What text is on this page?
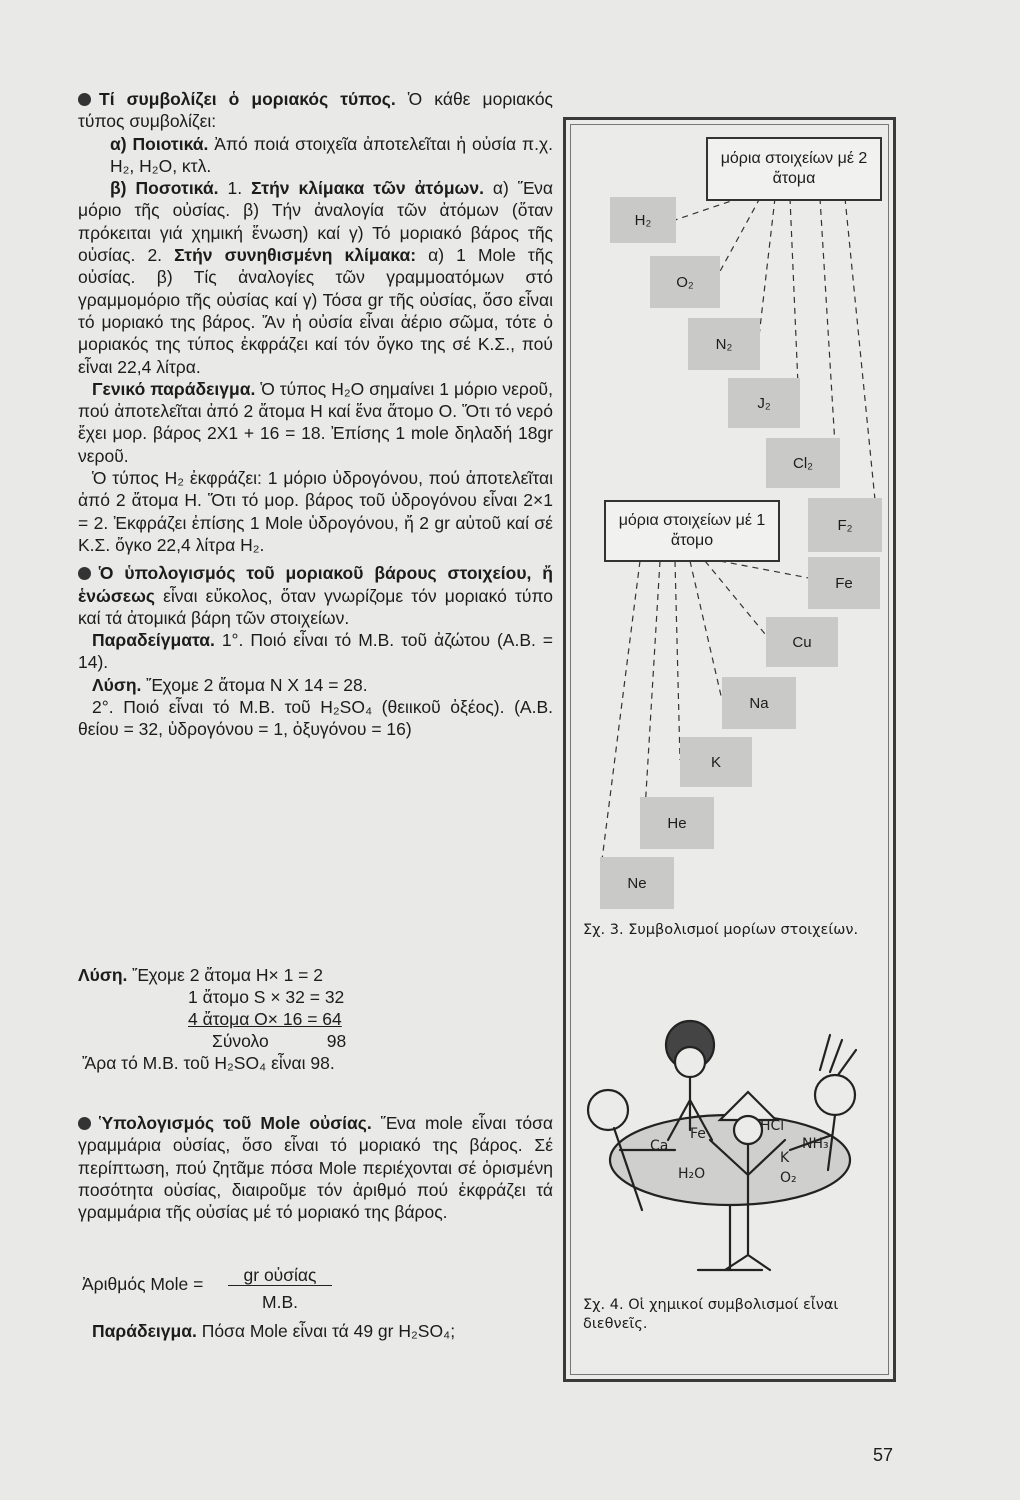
Τί συμβολίζει ὁ μοριακός τύπος. Ὁ κάθε μοριακός τύπος συμβολίζει:

α) Ποιοτικά. Ἀπό ποιά στοιχεῖα ἀποτελεῖται ἡ οὐσία π.χ. H₂, H₂O, κτλ.

β) Ποσοτικά. 1. Στήν κλίμακα τῶν ἀτόμων. α) Ἕνα μόριο τῆς οὐσίας. β) Τήν ἀναλογία τῶν ἀτόμων (ὅταν πρόκειται γιά χημική ἕνωση) καί γ) Τό μοριακό βάρος τῆς οὐσίας. 2. Στήν συνηθισμένη κλίμακα: α) 1 Mole τῆς οὐσίας. β) Τίς ἀναλογίες τῶν γραμμοατόμων στό γραμμομόριο τῆς οὐσίας καί γ) Τόσα gr τῆς οὐσίας, ὅσο εἶναι τό μοριακό της βάρος. Ἄν ἡ οὐσία εἶναι ἀέριο σῶμα, τότε ὁ μοριακός της τύπος ἐκφράζει καί τόν ὄγκο της σέ Κ.Σ., πού εἶναι 22,4 λίτρα.

Γενικό παράδειγμα. Ὁ τύπος H₂O σημαίνει 1 μόριο νεροῦ, πού ἀποτελεῖται ἀπό 2 ἄτομα Η καί ἕνα ἄτομο Ο. Ὅτι τό νερό ἔχει μορ. βάρος 2Χ1 + 16 = 18. Ἐπίσης 1 mole δηλαδή 18gr νεροῦ.

Ὁ τύπος H₂ ἐκφράζει: 1 μόριο ὑδρογόνου, πού ἀποτελεῖται ἀπό 2 ἄτομα Η. Ὅτι τό μορ. βάρος τοῦ ὑδρογόνου εἶναι 2×1 = 2. Ἐκφράζει ἐπίσης 1 Mole ὑδρογόνου, ἤ 2 gr αὐτοῦ καί σέ Κ.Σ. ὄγκο 22,4 λίτρα H₂.

Ὁ ὑπολογισμός τοῦ μοριακοῦ βάρους στοιχείου, ἤ ἑνώσεως εἶναι εὔκολος, ὅταν γνωρίζομε τόν μοριακό τύπο καί τά ἀτομικά βάρη τῶν στοιχείων.

Παραδείγματα. 1°. Ποιό εἶναι τό Μ.Β. τοῦ ἀζώτου (Α.Β. = 14).

Λύση. Ἔχομε 2 ἄτομα Ν Χ 14 = 28.

2°. Ποιό εἶναι τό Μ.Β. τοῦ H₂SO₄ (θειικοῦ ὀξέος). (Α.Β. θείου = 32, ὑδρογόνου = 1, ὀξυγόνου = 16)

Λύση. Ἔχομε 2 ἄτομα H× 1 = 2
1 ἄτομο S × 32 = 32
4 ἄτομα O× 16 = 64
Σύνολο	98
Ἄρα τό Μ.Β. τοῦ H₂SO₄ εἶναι 98.

Ὑπολογισμός τοῦ Mole οὐσίας. Ἕνα mole εἶναι τόσα γραμμάρια οὐσίας, ὅσο εἶναι τό μοριακό της βάρος. Σέ περίπτωση, πού ζητᾶμε πόσα Mole περιέχονται σέ ὁρισμένη ποσότητα οὐσίας, διαιροῦμε τόν ἀριθμό πού ἐκφράζει τά γραμμάρια τῆς οὐσίας μέ τό μοριακό της βάρος.

Ἀριθμός Mole =	gr οὐσίας
Μ.Β.

Παράδειγμα. Πόσα Mole εἶναι τά 49 gr H₂SO₄;

μόρια στοιχείων μέ 2 ἄτομα
H₂
O₂
N₂
J₂
Cl₂
F₂
μόρια στοιχείων μέ 1 ἄτομο
Fe
Cu
Na
K
He
Ne
Σχ. 3. Συμβολισμοί μορίων στοιχείων.
Ca
Fe	HCl
K
NH₃
H₂O	O₂
Σχ. 4. Οἱ χημικοί συμβολισμοί εἶναι διεθνεῖς.
57
